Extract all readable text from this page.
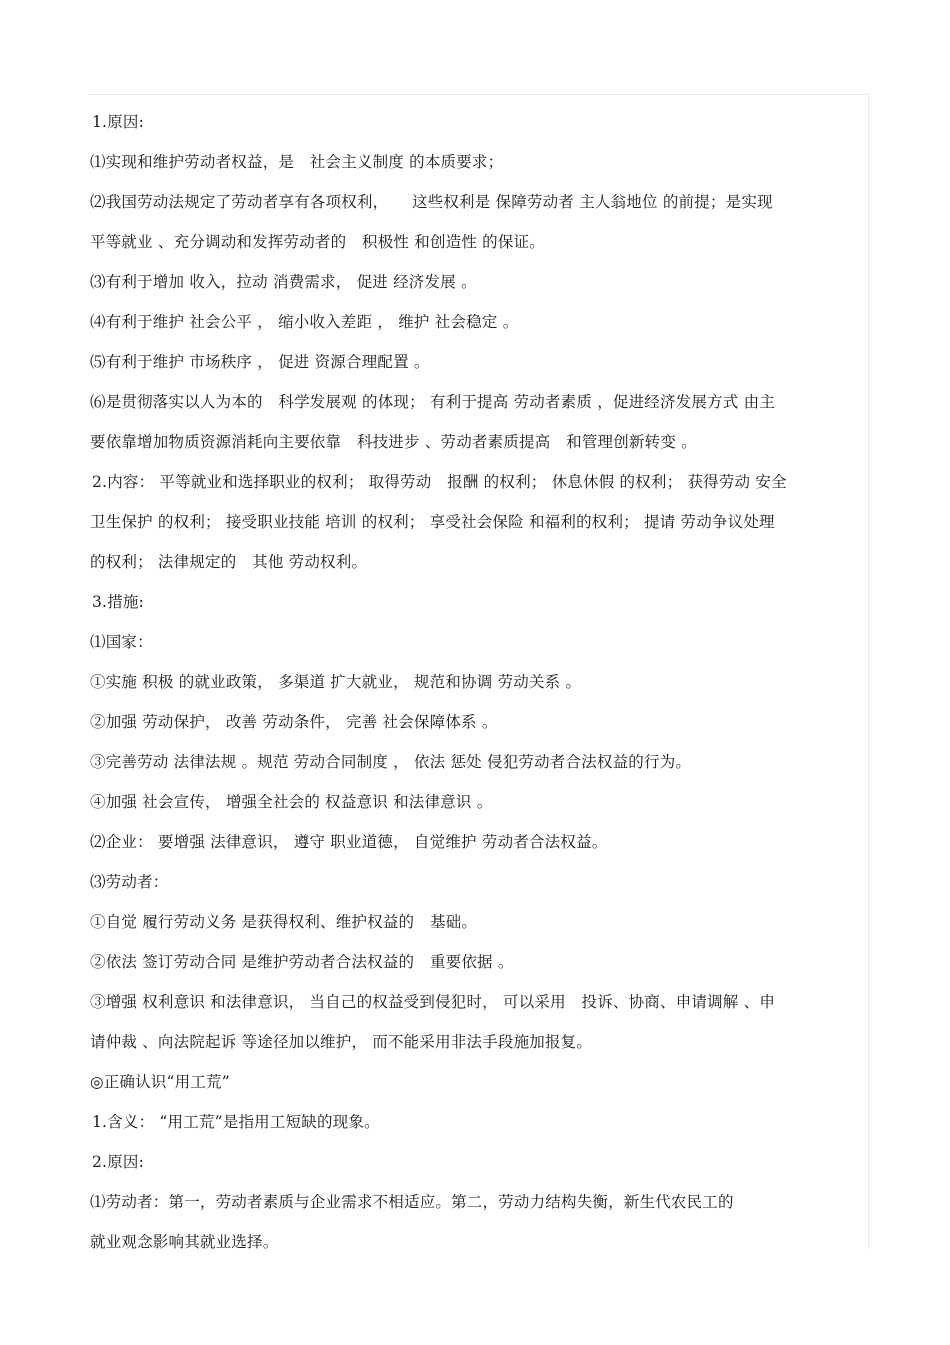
1.原因:
⑴实现和维护劳动者权益，是　社会主义制度 的本质要求；
⑵我国劳动法规定了劳动者享有各项权利，　　这些权利是 保障劳动者 主人翁地位 的前提；是实现
平等就业 、充分调动和发挥劳动者的　积极性 和创造性 的保证。
⑶有利于增加 收入，拉动 消费需求， 促进 经济发展 。
⑷有利于维护 社会公平 ， 缩小收入差距 ， 维护 社会稳定 。
⑸有利于维护 市场秩序 ， 促进 资源合理配置 。
⑹是贯彻落实以人为本的　科学发展观 的体现； 有利于提高 劳动者素质 ，促进经济发展方式 由主
要依靠增加物质资源消耗向主要依靠　科技进步 、劳动者素质提高　和管理创新转变 。
2.内容： 平等就业和选择职业的权利； 取得劳动　报酬 的权利； 休息休假 的权利； 获得劳动 安全
卫生保护 的权利； 接受职业技能 培训 的权利； 享受社会保险 和福利的权利； 提请 劳动争议处理
的权利； 法律规定的　其他 劳动权利。
3.措施:
⑴国家：
①实施 积极 的就业政策， 多渠道 扩大就业， 规范和协调 劳动关系 。
②加强 劳动保护， 改善 劳动条件， 完善 社会保障体系 。
③完善劳动 法律法规 。规范 劳动合同制度 ， 依法 惩处 侵犯劳动者合法权益的行为。
④加强 社会宣传， 增强全社会的 权益意识 和法律意识 。
⑵企业： 要增强 法律意识， 遵守 职业道德， 自觉维护 劳动者合法权益。
⑶劳动者：
①自觉 履行劳动义务 是获得权利、维护权益的　基础。
②依法 签订劳动合同 是维护劳动者合法权益的　重要依据 。
③增强 权利意识 和法律意识， 当自己的权益受到侵犯时， 可以采用　投诉、协商、申请调解 、申
请仲裁 、向法院起诉 等途径加以维护， 而不能采用非法手段施加报复。
◎正确认识“用工荒”
1.含义： “用工荒”是指用工短缺的现象。
2.原因:
⑴劳动者：第一，劳动者素质与企业需求不相适应。第二，劳动力结构失衡，新生代农民工的
就业观念影响其就业选择。
